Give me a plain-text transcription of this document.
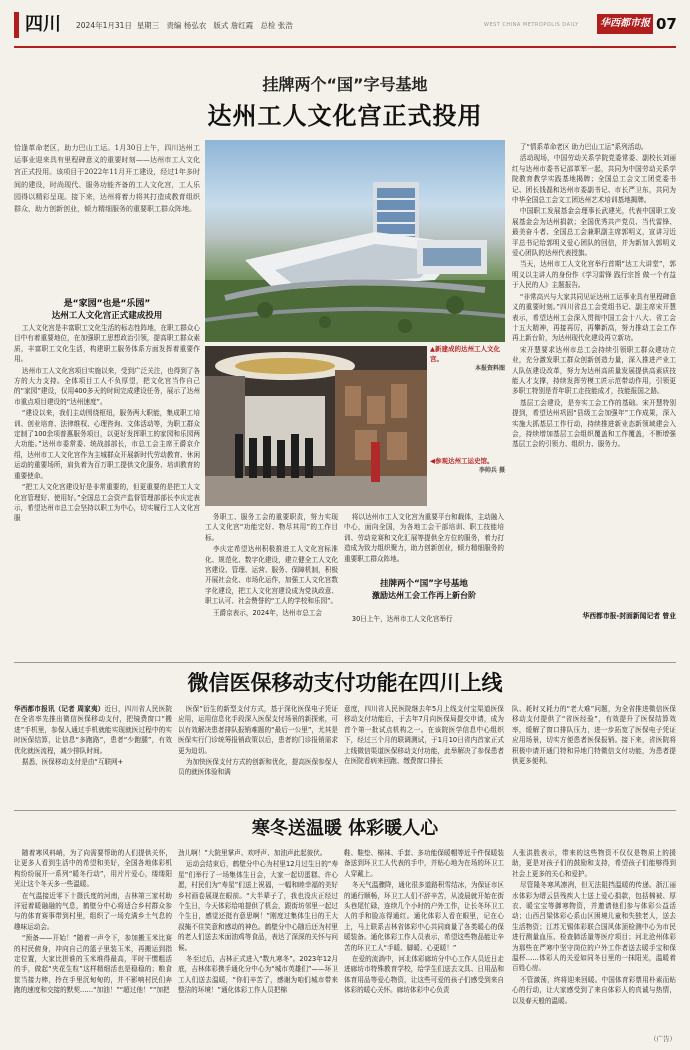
四川 2024年1月31日 星期三 责编 杨弘农 版式 詹红霞 总检 张浩	WEST CHINA METROPOLIS DAILY	华西都市报 07
挂牌两个“国”字号基地
达州工人文化宫正式投用
恰逢革命老区，助力巴山工运。1月30日上午，四川达州工运事业迎来具有里程碑意义的重要时刻——达州市工人文化宫正式投用。该项目于2022年11月开工建设，经过1年多时间的建设，时尚现代、服务功能齐备的工人文化宫，工人乐园得以精彩呈现。接下来，达州将着力将其打造成教育组织群众，助力创新创业，倾力精细服务的重要职工群众阵地。
是“家园”也是“乐园”
达州工人文化宫正式建成投用

工人文化宫是丰富职工文化生活的标志性阵地，在职工群众心目中有着重要地位，在加强职工思想政治引领，提高职工群众素质，丰富职工文化生活，构建职工服务体系方面发挥着重要作用。

达州市工人文化宫项目实施以来，受到广泛关注，也得到了各方的大力支持。全体项目工人不负厚望，把文化宫当作自己的“家园”建设，仅用400多天的时间完成建设任务，展示了达州市重点项目建设的“达州速度”。

“建设以来，我们主动围绕枢纽，服务两大职能，集成职工培训、创业培育、法律维权、心理咨询、文体活动等，为职工群众定制了100余项普惠服务项目，以更好发挥职工的家园和乐园两大功能。”达州市委常委、统战部部长，市总工会主席王爵京介绍，达州市工人文化宫作为主城群众开展新时代劳动教育、休闲运动的重要场所，肩负着为百万职工提供文化服务、培训教育的重要使命。

“把工人文化宫建设好是非常重要的，但更重要的是把工人文化宫管理好、使用好。”全国总工会资产监督管理部部长李庆定表示，希望达州市总工会坚持以职工为中心，切实履行工人文化宫服

▲新建成的达州工人文化宫。
本报资料图
◀参观达州工运史馆。
李帅兵 摄

务职工、服务工会的重要职责，努力实现工人文化宫“功能完好、物尽其用”的工作目标。

李庆定希望达州积极推进工人文化宫标准化、规范化、数字化建设，建立健全工人文化宫建设、管理、运营、服务、保障机制，积极开展社会化、市场化运作，加强工人文化宫数字化建设，把工人文化宫建设成为党执政意、职工认可、社会赞誉的“工人的学校和乐园”。

王爵京表示，2024年，达州市总工会

将以达州市工人文化宫为重要平台和载体，主动融入中心，面向全国，为各地工会干部培训、职工技能培训、劳动竞赛和文化汇展等提供全方位的服务，着力打造成为致力组织聚力，助力创新创业，倾力精细服务的重要职工群众阵地。

挂牌两个“国”字号基地
激励达州工会工作再上新台阶

30日上午，达州市工人文化宫举行

了“情系革命老区 助力巴山工运”系列活动。

活动现场，中国劳动关系学院党委常委、副校长刘丽红与达州市委书记邵革军一起，共同为中国劳动关系学院教育教学实践基地揭牌；全国总工会文工团党委书记、团长钱磊和达州市委副书记、市长严卫东，共同为中华全国总工会文工团达州艺术培训基地揭牌。

中国职工发展基金会理事长武建光，代表中国职工发展基金会为达州捐款；全国优秀共产党员、当代雷锋、最美奋斗者、全国总工会兼职副主席郭明义，宣讲习近平总书记给郭明义爱心团队的回信，并为新加入郭明义爱心团队的达州代表授旗。

当天，达州市工人文化宫举行首期“达工大讲堂”，郭明义以主讲人的身份作《学习雷锋 践行宗旨 做一个有益于人民的人》主题报告。

“非常高兴与大家共同见证达州工运事业具有里程碑意义的重要时刻。”四川省总工会党组书记、副主席宋开慧表示，希望达州工会深入贯彻中国工会十八大、省工会十五大精神，再接再厉，再攀新高，努力推动工会工作再上新台阶，为达州现代化建设再立新功。

宋开慧要求达州市总工会持续引领职工群众建功立业，充分激发职工群众创新创造力量，深入推进产业工人队伍建设改革，努力为达州高质量发展提供高素质技能人才支撑，持续发挥劳模工匠示范带动作用，引领更多职工特别是青年职工走技能成才，技能报国之路。

基层工会建设，是夯实工会工作的基础。宋开慧特别提到，希望达州巩固“县级工会加强年”工作成果，深入实施大抓基层工作行动，持续推进新业态新领域建会入会，持续增加基层工会组织覆盖和工作覆盖，不断增强基层工会的引领力、组织力、服务力。

华西都市报-封面新闻记者 曾业
微信医保移动支付功能在四川上线

华西都市报讯（记者 周家夷）近日，四川省人民医院在全省率先推出微信医保移动支付，把镜费窗口“搬进”手机里，参保人通过手机就能实现就医过程中的实时医保结算，让信息“多跑路”，患者“少跑腿”，有效优化就医流程，减少排队时间。

据悉，医保移动支付是由“互联网+

医保”衍生的新型支付方式，基于深化医保电子凭证应用，运用信息化手段深入医保支付场景的新探索，可以有效解决患者排队报销难题的“最后一公里”，尤其是医保实行门诊统筹报销政策以后，患者的门诊报销需求更为迫切。

为加快医保支付方式的创新和优化，提高医保参保人员的就医体验和满

意度，四川省人民医院继去年5月上线支付宝渠道医保移动支付功能后，于去年7月向医保局提交申请，成为首个第一批试点机构之一。在该院医学信息中心组织下，经过三个月的联调测试，于1月10日省内首家正式上线微信渠道医保移动支付功能，此举解决了参保患者在医院看病来回跑、缴费窗口排长

队、耗时又耗力的“老大难”问题，为全省推进微信医保移动支付提供了“省医经验”，有效提升了医保结算效率，缓解了窗口排队压力，进一步拓宽了医保电子凭证应用场景，切实方便患者医保报销。接下来，省医院将积极申请开通门特和异地门特微信支付功能，为患者提供更多便利。

寒冬送温暖 体彩暖人心

随着寒风料峭，为了向需要帮助的人们提供关怀，让更多人看到生活中的希望和美好，全国各地体彩机构纷纷展开一系列“暖冬行动”，用片片爱心，缕缕阳光让这个冬天多一些温暖。

在气温接近零下十摄氏度的河南，吉林第三家村助洋冠着暖融融的气息，鹤壁分中心将适合乡村群众参与的体育赛事带到村里，组织了一场充满乡土气息的趣味运动会。

“预备——开始！”随着一声令下，参加搬玉米比赛的村民俯身，冲向自己的篮子里装玉米，再搬运到指定位置，大家比拼谁的玉米堆得最高，平时干惯粗活的手，做起“夹花生粒”这样精细活也是稳稳的；粮食筐当接力棒，拎在手里沉甸甸的，并不影响村民们奔跑的速度和交接的默契……“加油！”“超过他！”“加把

劲儿啊！”大院里掌声、欢呼声、加油声此起彼伏。

运动会结束后，鹤壁分中心为村里12月过生日的“寿星”们举行了一场集体生日会，大家一起切蛋糕、许心愿，村民们为“寿星”们送上祝福，一幅和睦幸福的美好乡村画卷展现在眼前。“大半辈子了，我也没庆正经过个生日，今天体彩给咱提供了机会，跟街坊邻里一起过个生日，感觉还挺有意思啊！”刚度过集体生日的王大叔掩不住笑意和感动的神色。鹤壁分中心随后还为村里的老人们送去米面油鸡等食品，表达了深深的关怀与问候。

冬至过后，吉林正式进入“数九寒冬”。2023年12月底，吉林体彩携手通化分中心为“城市英雄们”——环卫工人们送去温暖，“你们辛苦了，感谢为咱们城市带来整洁的环境！”通化体彩工作人员把棉

鞋、鞋垫、棉袜、手套、多功能保暖帽等近千件保暖装备送到环卫工人代表的手中，并贴心地为在场的环卫工人穿戴上。

冬天气温骤降，通化很多道路积雪结冰，为保证市区的通行顺畅，环卫工人们不辞辛苦，从凌晨就开始在街头巷尾忙碌，连续几个小时的户外工作，让长冬环卫工人的手和脸冻得通红。通化体彩人看在眼里，记在心上，马上联系吉林省体彩中心共同商量了各类暖心的保暖装备。通化体彩工作人员表示，希望这些物品能让辛苦的环卫工人“手暖、脚暖、心更暖！”

在爱的流淌中，河北体彩廊坊分中心工作人员近日走进廊坊市特殊教育学校，给学生们送去文具、日用品和体育用品等爱心物资，让这些可爱的孩子们感受到来自体彩的暖心关怀。廊坊体彩中心负责

人张洪胜表示，带来的这些物资不仅仅是物质上的援助，更是对孩子们的鼓励和支持，希望孩子们能够得到社会上更多的关心和爱护。

尽管隆冬寒风凛冽，但无法阻挡温暖的传递。浙江丽水体彩为缙云县残疾人士送上爱心捐款，包括棉被、厚衣、暖宝宝等御寒物资，并邀请他们参与体彩公益活动；山西吕梁体彩心系山区困境儿童和失独老人，送去生活物资；江苏无锡体彩联合国风体顶检测中心为市民进行测量血压、检查肺活量等医疗项目；河北沧州体彩为那些在严寒中坚守岗位的户外工作者送去暖手宝和保温杯……体彩人的关爱如同冬日里的一抹阳光，温暖着百姓心房。

不管激荡，终将迎来回暖。中国体育彩票用朴素而贴心的行动，让大家感受到了来自体彩人的真诚与热情，以及春天般的温暖。

（广告）
